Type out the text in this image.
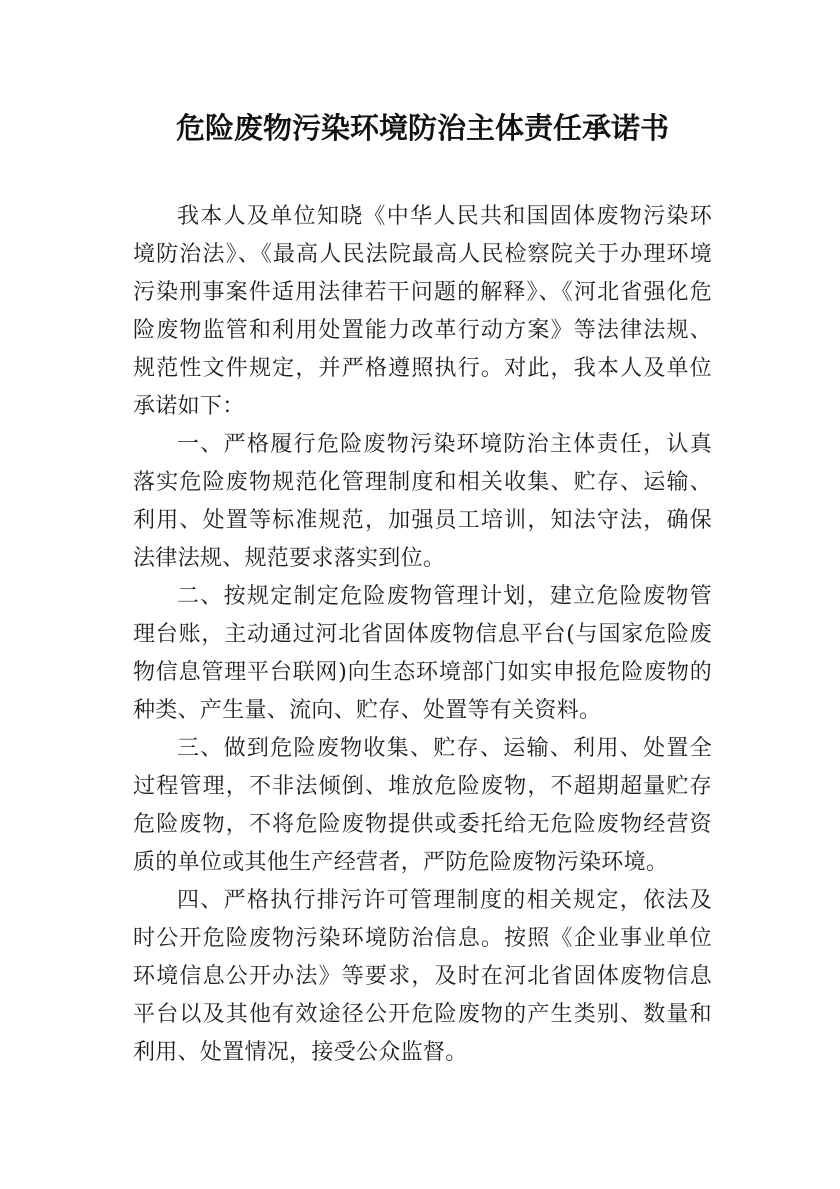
危险废物污染环境防治主体责任承诺书

我本人及单位知晓《中华人民共和国固体废物污染环境防治法》、《最高人民法院最高人民检察院关于办理环境污染刑事案件适用法律若干问题的解释》、《河北省强化危险废物监管和利用处置能力改革行动方案》等法律法规、规范性文件规定，并严格遵照执行。对此，我本人及单位承诺如下：

一、严格履行危险废物污染环境防治主体责任，认真落实危险废物规范化管理制度和相关收集、贮存、运输、利用、处置等标准规范，加强员工培训，知法守法，确保法律法规、规范要求落实到位。

二、按规定制定危险废物管理计划，建立危险废物管理台账，主动通过河北省固体废物信息平台(与国家危险废物信息管理平台联网)向生态环境部门如实申报危险废物的种类、产生量、流向、贮存、处置等有关资料。

三、做到危险废物收集、贮存、运输、利用、处置全过程管理，不非法倾倒、堆放危险废物，不超期超量贮存危险废物，不将危险废物提供或委托给无危险废物经营资质的单位或其他生产经营者，严防危险废物污染环境。

四、严格执行排污许可管理制度的相关规定，依法及时公开危险废物污染环境防治信息。按照《企业事业单位环境信息公开办法》等要求，及时在河北省固体废物信息平台以及其他有效途径公开危险废物的产生类别、数量和利用、处置情况，接受公众监督。
